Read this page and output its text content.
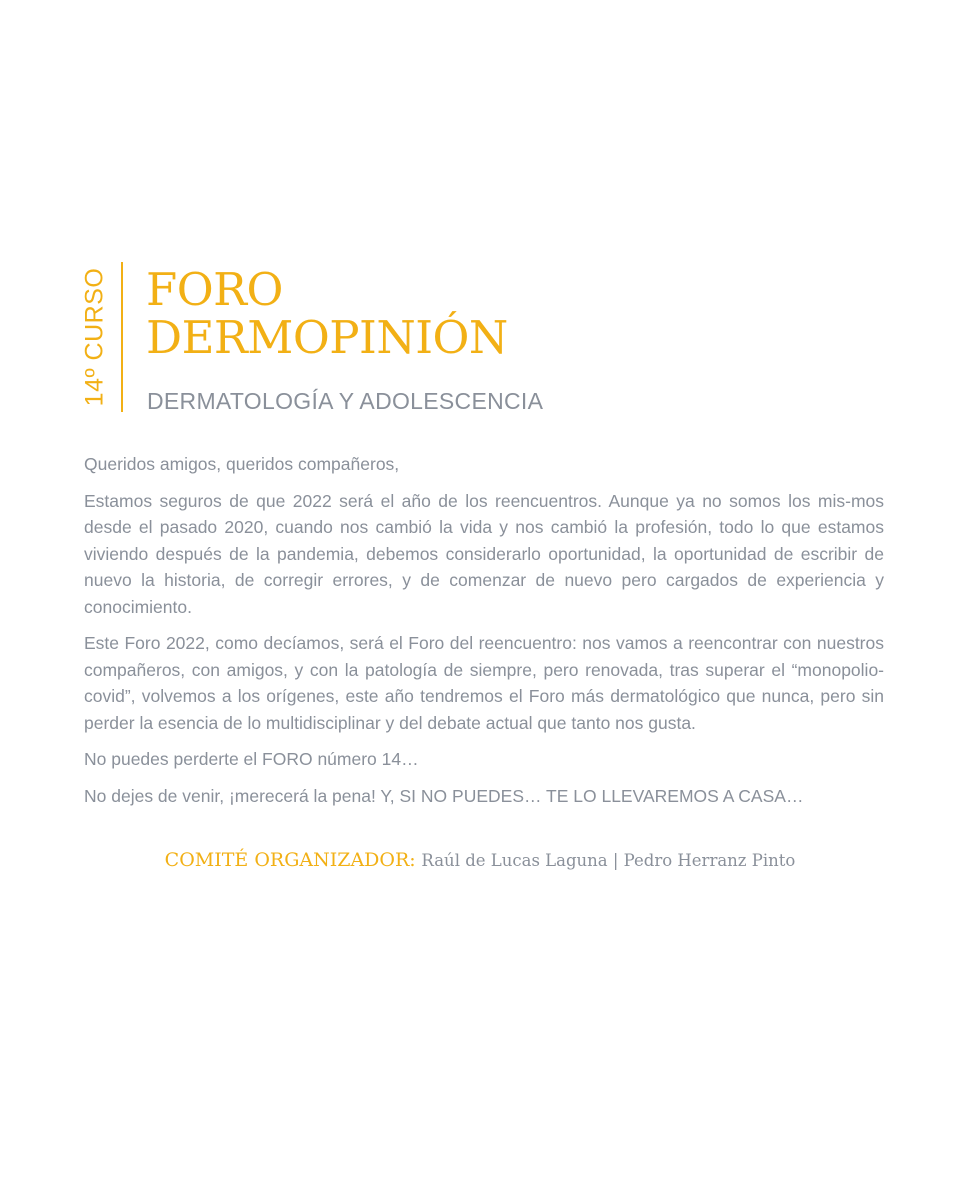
14º CURSO FORO
DERMOPINIÓN
DERMATOLOGÍA Y ADOLESCENCIA

Queridos amigos, queridos compañeros,

Estamos seguros de que 2022 será el año de los reencuentros. Aunque ya no somos los mis-mos desde el pasado 2020, cuando nos cambió la vida y nos cambió la profesión, todo lo que estamos viviendo después de la pandemia, debemos considerarlo oportunidad, la oportunidad de escribir de nuevo la historia, de corregir errores, y de comenzar de nuevo pero cargados de experiencia y conocimiento.

Este Foro 2022, como decíamos, será el Foro del reencuentro: nos vamos a reencontrar con nuestros compañeros, con amigos, y con la patología de siempre, pero renovada, tras superar el “monopolio-covid”, volvemos a los orígenes, este año tendremos el Foro más dermatológico que nunca, pero sin perder la esencia de lo multidisciplinar y del debate actual que tanto nos gusta.

No puedes perderte el FORO número 14…

No dejes de venir, ¡merecerá la pena! Y, SI NO PUEDES… TE LO LLEVAREMOS A CASA…

COMITÉ ORGANIZADOR: Raúl de Lucas Laguna | Pedro Herranz Pinto
